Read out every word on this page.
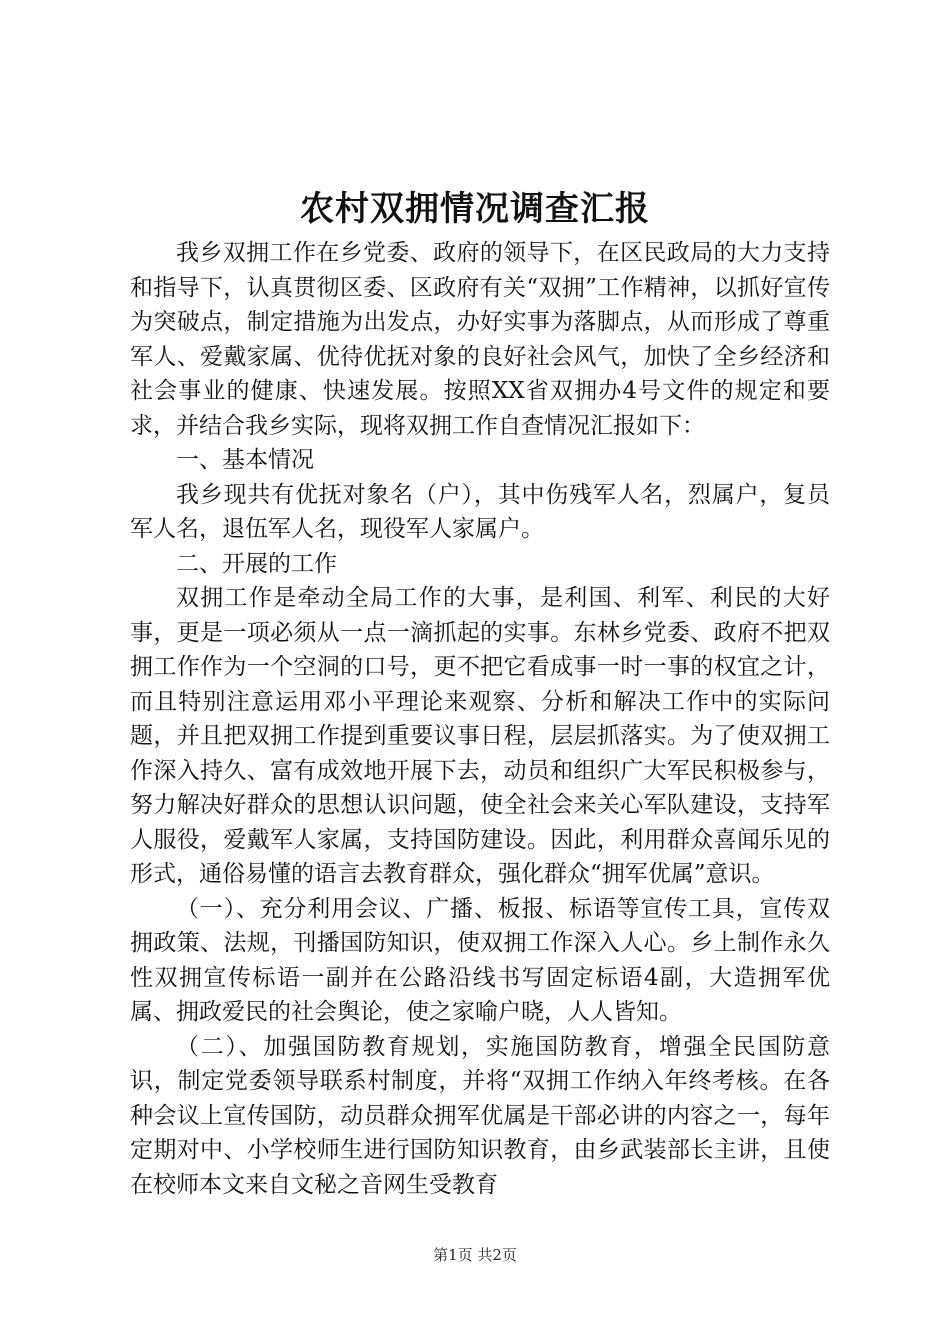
农村双拥情况调查汇报

我乡双拥工作在乡党委、政府的领导下，在区民政局的大力支持和指导下，认真贯彻区委、区政府有关“双拥”工作精神，以抓好宣传为突破点，制定措施为出发点，办好实事为落脚点，从而形成了尊重军人、爱戴家属、优待优抚对象的良好社会风气，加快了全乡经济和社会事业的健康、快速发展。按照XX省双拥办4号文件的规定和要求，并结合我乡实际，现将双拥工作自查情况汇报如下：

一、基本情况

我乡现共有优抚对象名（户），其中伤残军人名，烈属户，复员军人名，退伍军人名，现役军人家属户。

二、开展的工作

双拥工作是牵动全局工作的大事，是利国、利军、利民的大好事，更是一项必须从一点一滴抓起的实事。东林乡党委、政府不把双拥工作作为一个空洞的口号，更不把它看成事一时一事的权宜之计，而且特别注意运用邓小平理论来观察、分析和解决工作中的实际问题，并且把双拥工作提到重要议事日程，层层抓落实。为了使双拥工作深入持久、富有成效地开展下去，动员和组织广大军民积极参与，努力解决好群众的思想认识问题，使全社会来关心军队建设，支持军人服役，爱戴军人家属，支持国防建设。因此，利用群众喜闻乐见的形式，通俗易懂的语言去教育群众，强化群众“拥军优属”意识。

（一）、充分利用会议、广播、板报、标语等宣传工具，宣传双拥政策、法规，刊播国防知识，使双拥工作深入人心。乡上制作永久性双拥宣传标语一副并在公路沿线书写固定标语4副，大造拥军优属、拥政爱民的社会舆论，使之家喻户晓，人人皆知。

（二）、加强国防教育规划，实施国防教育，增强全民国防意识，制定党委领导联系村制度，并将“双拥工作纳入年终考核。在各种会议上宣传国防，动员群众拥军优属是干部必讲的内容之一，每年定期对中、小学校师生进行国防知识教育，由乡武装部长主讲，且使在校师本文来自文秘之音网生受教育

第1页 共2页
